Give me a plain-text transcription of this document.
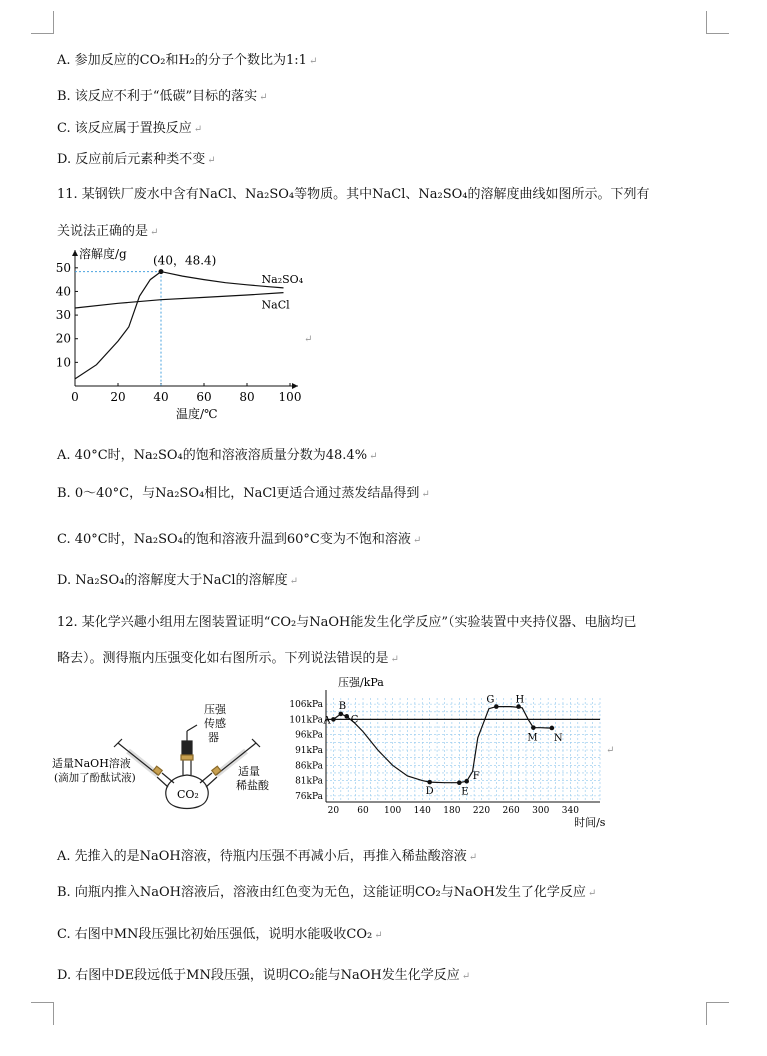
A. 参加反应的CO₂和H₂的分子个数比为1:1 ↵
B. 该反应不利于“低碳”目标的落实 ↵
C. 该反应属于置换反应 ↵
D. 反应前后元素种类不变 ↵
11. 某钢铁厂废水中含有NaCl、Na₂SO₄等物质。其中NaCl、Na₂SO₄的溶解度曲线如图所示。下列有
关说法正确的是 ↵
溶解度/g
温度/℃
0	20 40 60 80 100
10
20
30
40
50
Na₂SO₄
NaCl
(40，48.4)
↵
A. 40°C时，Na₂SO₄的饱和溶液溶质量分数为48.4% ↵
B. 0～40°C，与Na₂SO₄相比，NaCl更适合通过蒸发结晶得到 ↵
C. 40°C时，Na₂SO₄的饱和溶液升温到60°C变为不饱和溶液 ↵
D. Na₂SO₄的溶解度大于NaCl的溶解度 ↵
12. 某化学兴趣小组用左图装置证明“CO₂与NaOH能发生化学反应”（实验装置中夹持仪器、电脑均已
略去）。测得瓶内压强变化如右图所示。下列说法错误的是 ↵
压强
传感
器
适量NaOH溶液
(滴加了酚酞试液)	适量
稀盐酸
CO₂
压强/kPa
时间/s
106kPa
101kPa
96kPa
91kPa
86kPa
81kPa
76kPa
20 60 100 140 180 220 260 300 340
A
B
C
D	E
F
G H
M N
↵
A. 先推入的是NaOH溶液，待瓶内压强不再减小后，再推入稀盐酸溶液 ↵
B. 向瓶内推入NaOH溶液后，溶液由红色变为无色，这能证明CO₂与NaOH发生了化学反应 ↵
C. 右图中MN段压强比初始压强低，说明水能吸收CO₂ ↵
D. 右图中DE段远低于MN段压强，说明CO₂能与NaOH发生化学反应 ↵
